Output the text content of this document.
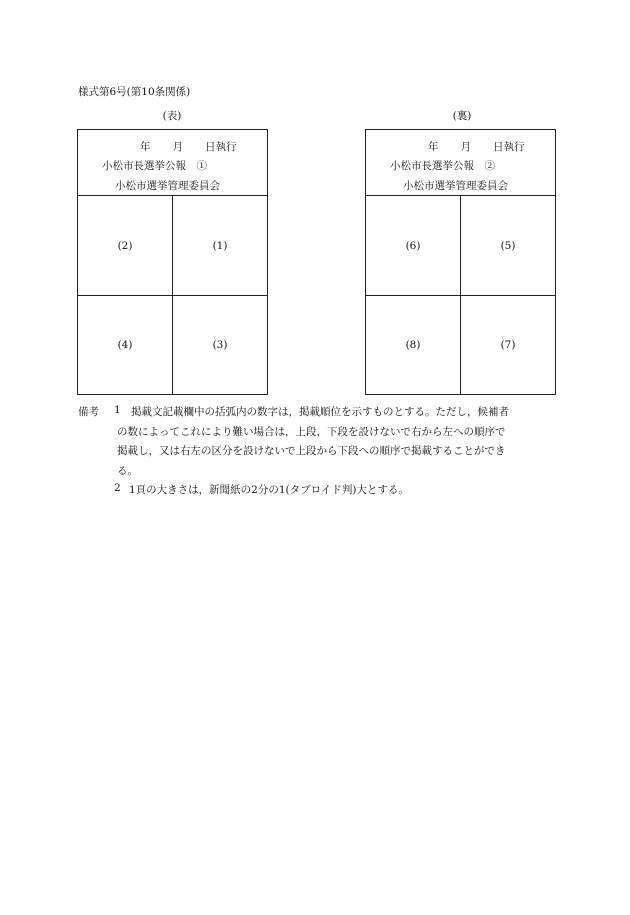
様式第6号(第10条関係)
(表)	(裏)
年 月 日執行
小松市長選挙公報　①
小松市選挙管理委員会
(2)	(1)
(4)	(3)
年 月 日執行
小松市長選挙公報　②
小松市選挙管理委員会
(6)	(5)
(8)	(7)
備考 1 掲載文記載欄中の括弧内の数字は，掲載順位を示すものとする。ただし，候補者
の数によってこれにより難い場合は，上段，下段を設けないで右から左への順序で
掲載し，又は右左の区分を設けないで上段から下段への順序で掲載することができ
る。
2 1頁の大きさは，新聞紙の2分の1(タブロイド判)大とする。
